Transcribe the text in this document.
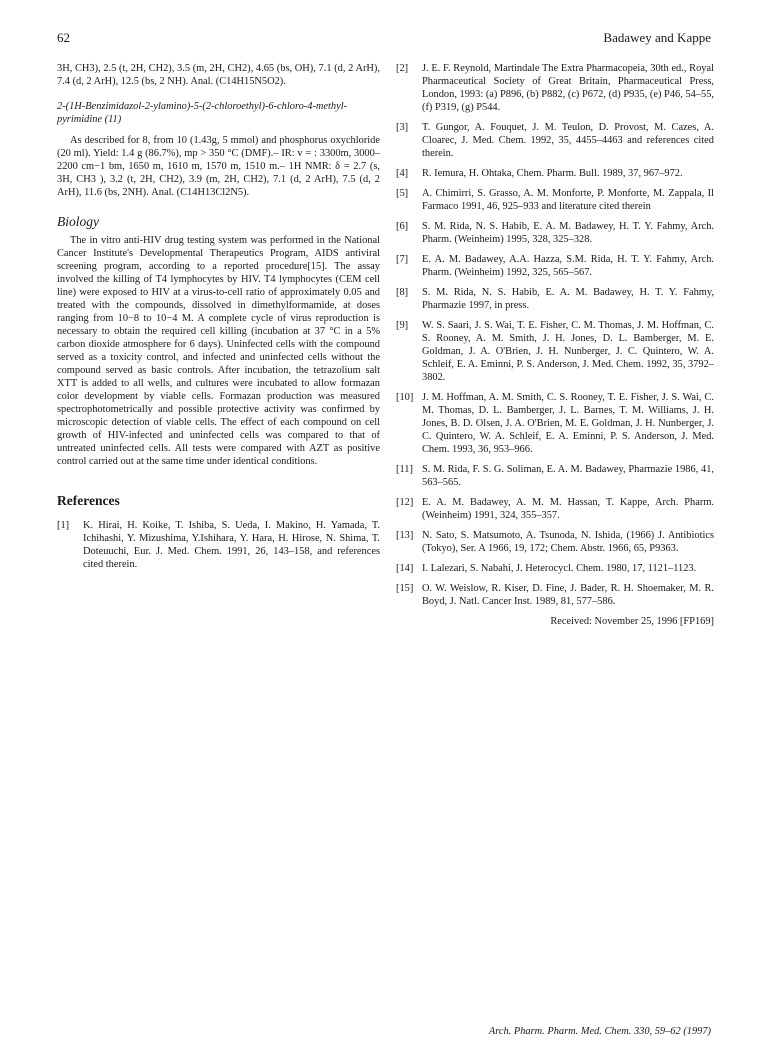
62	Badawey and Kappe

3H, CH3), 2.5 (t, 2H, CH2), 3.5 (m, 2H, CH2), 4.65 (bs, OH), 7.1 (d, 2 ArH), 7.4 (d, 2 ArH), 12.5 (bs, 2 NH). Anal. (C14H15N5O2).

2-(1H-Benzimidazol-2-ylamino)-5-(2-chloroethyl)-6-chloro-4-methyl-pyrimidine (11)

As described for 8, from 10 (1.43g, 5 mmol) and phosphorus oxychloride (20 ml). Yield: 1.4 g (86.7%), mp > 350 °C (DMF).– IR: v = : 3300m, 3000–2200 cm−1 bm, 1650 m, 1610 m, 1570 m, 1510 m.– 1H NMR: δ = 2.7 (s, 3H, CH3 ), 3.2 (t, 2H, CH2), 3.9 (m, 2H, CH2), 7.1 (d, 2 ArH), 7.5 (d, 2 ArH), 11.6 (bs, 2NH). Anal. (C14H13Cl2N5).

Biology

The in vitro anti-HIV drug testing system was performed in the National Cancer Institute's Developmental Therapeutics Program, AIDS antiviral screening program, according to a reported procedure[15]. The assay involved the killing of T4 lymphocytes by HIV. T4 lymphocytes (CEM cell line) were exposed to HIV at a virus-to-cell ratio of approximately 0.05 and treated with the compounds, dissolved in dimethylformamide, at doses ranging from 10−8 to 10−4 M. A complete cycle of virus reproduction is necessary to obtain the required cell killing (incubation at 37 °C in a 5% carbon dioxide atmosphere for 6 days). Uninfected cells with the compound served as a toxicity control, and infected and uninfected cells without the compound served as basic controls. After incubation, the tetrazolium salt XTT is added to all wells, and cultures were incubated to allow formazan color development by viable cells. Formazan production was measured spectrophotometrically and possible protective activity was confirmed by microscopic detection of viable cells. The effect of each compound on cell growth of HIV-infected and uninfected cells was compared to that of untreated uninfected cells. All tests were compared with AZT as positive control carried out at the same time under identical conditions.

References
[1]	K. Hirai, H. Koike, T. Ishiba, S. Ueda, I. Makino, H. Yamada, T. Ichihashi, Y. Mizushima, Y.Ishihara, Y. Hara, H. Hirose, N. Shima, T. Doteuuchi, Eur. J. Med. Chem. 1991, 26, 143–158, and references cited therein.
[2]	J. E. F. Reynold, Martindale The Extra Pharmacopeia, 30th ed., Royal Pharmaceutical Society of Great Britain, Pharmaceutical Press, London, 1993: (a) P896, (b) P882, (c) P672, (d) P935, (e) P46, 54–55, (f) P319, (g) P544.
[3]	T. Gungor, A. Fouquet, J. M. Teulon, D. Provost, M. Cazes, A. Cloarec, J. Med. Chem. 1992, 35, 4455–4463 and references cited therein.
[4]	R. Iemura, H. Ohtaka, Chem. Pharm. Bull. 1989, 37, 967–972.
[5]	A. Chimirri, S. Grasso, A. M. Monforte, P. Monforte, M. Zappala, Il Farmaco 1991, 46, 925–933 and literature cited therein
[6]	S. M. Rida, N. S. Habib, E. A. M. Badawey, H. T. Y. Fahmy, Arch. Pharm. (Weinheim) 1995, 328, 325–328.
[7]	E. A. M. Badawey, A.A. Hazza, S.M. Rida, H. T. Y. Fahmy, Arch. Pharm. (Weinheim) 1992, 325, 565–567.
[8]	S. M. Rida, N. S. Habib, E. A. M. Badawey, H. T. Y. Fahmy, Pharmazie 1997, in press.
[9]	W. S. Saari, J. S. Wai, T. E. Fisher, C. M. Thomas, J. M. Hoffman, C. S. Rooney, A. M. Smith, J. H. Jones, D. L. Bamberger, M. E. Goldman, J. A. O'Brien, J. H. Nunberger, J. C. Quintero, W. A. Schleif, E. A. Eminni, P. S. Anderson, J. Med. Chem. 1992, 35, 3792–3802.
[10] J. M. Hoffman, A. M. Smith, C. S. Rooney, T. E. Fisher, J. S. Wai, C. M. Thomas, D. L. Bamberger, J. L. Barnes, T. M. Williams, J. H. Jones, B. D. Olsen, J. A. O'Brien, M. E. Goldman, J. H. Nunberger, J. C. Quintero, W. A. Schleif, E. A. Eminni, P. S. Anderson, J. Med. Chem. 1993, 36, 953–966.
[11] S. M. Rida, F. S. G. Soliman, E. A. M. Badawey, Pharmazie 1986, 41, 563–565.
[12] E. A. M. Badawey, A. M. M. Hassan, T. Kappe, Arch. Pharm. (Weinheim) 1991, 324, 355–357.
[13] N. Sato, S. Matsumoto, A. Tsunoda, N. Ishida, (1966) J. Antibiotics (Tokyo), Ser. A 1966, 19, 172; Chem. Abstr. 1966, 65, P9363.
[14] I. Lalezari, S. Nabahi, J. Heterocycl. Chem. 1980, 17, 1121–1123.
[15] O. W. Weislow, R. Kiser, D. Fine, J. Bader, R. H. Shoemaker, M. R. Boyd, J. Natl. Cancer Inst. 1989, 81, 577–586.
Received: November 25, 1996 [FP169]
Arch. Pharm. Pharm. Med. Chem. 330, 59–62 (1997)
